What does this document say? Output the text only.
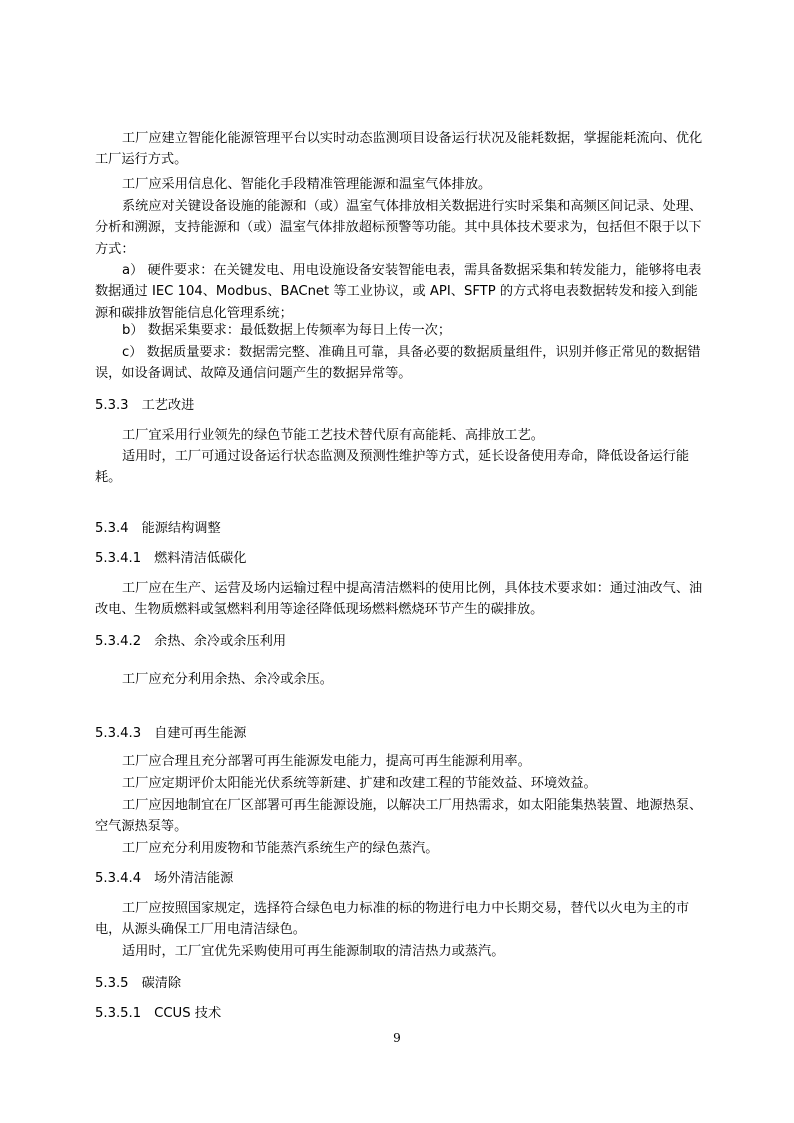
工厂应建立智能化能源管理平台以实时动态监测项目设备运行状况及能耗数据，掌握能耗流向、优化工厂运行方式。

工厂应采用信息化、智能化手段精准管理能源和温室气体排放。

系统应对关键设备设施的能源和（或）温室气体排放相关数据进行实时采集和高频区间记录、处理、分析和溯源，支持能源和（或）温室气体排放超标预警等功能。其中具体技术要求为，包括但不限于以下方式：

a） 硬件要求：在关键发电、用电设施设备安装智能电表，需具备数据采集和转发能力，能够将电表数据通过 IEC 104、Modbus、BACnet 等工业协议，或 API、SFTP 的方式将电表数据转发和接入到能源和碳排放智能信息化管理系统；

b） 数据采集要求：最低数据上传频率为每日上传一次；

c） 数据质量要求：数据需完整、准确且可靠，具备必要的数据质量组件，识别并修正常见的数据错误，如设备调试、故障及通信问题产生的数据异常等。

5.3.3 工艺改进

工厂宜采用行业领先的绿色节能工艺技术替代原有高能耗、高排放工艺。

适用时，工厂可通过设备运行状态监测及预测性维护等方式，延长设备使用寿命，降低设备运行能耗。

5.3.4 能源结构调整

5.3.4.1 燃料清洁低碳化

工厂应在生产、运营及场内运输过程中提高清洁燃料的使用比例，具体技术要求如：通过油改气、油改电、生物质燃料或氢燃料利用等途径降低现场燃料燃烧环节产生的碳排放。

5.3.4.2 余热、余冷或余压利用

工厂应充分利用余热、余冷或余压。

5.3.4.3 自建可再生能源

工厂应合理且充分部署可再生能源发电能力，提高可再生能源利用率。

工厂应定期评价太阳能光伏系统等新建、扩建和改建工程的节能效益、环境效益。

工厂应因地制宜在厂区部署可再生能源设施，以解决工厂用热需求，如太阳能集热装置、地源热泵、空气源热泵等。

工厂应充分利用废物和节能蒸汽系统生产的绿色蒸汽。

5.3.4.4 场外清洁能源

工厂应按照国家规定，选择符合绿色电力标准的标的物进行电力中长期交易，替代以火电为主的市电，从源头确保工厂用电清洁绿色。

适用时，工厂宜优先采购使用可再生能源制取的清洁热力或蒸汽。

5.3.5 碳清除

5.3.5.1 CCUS 技术

9
